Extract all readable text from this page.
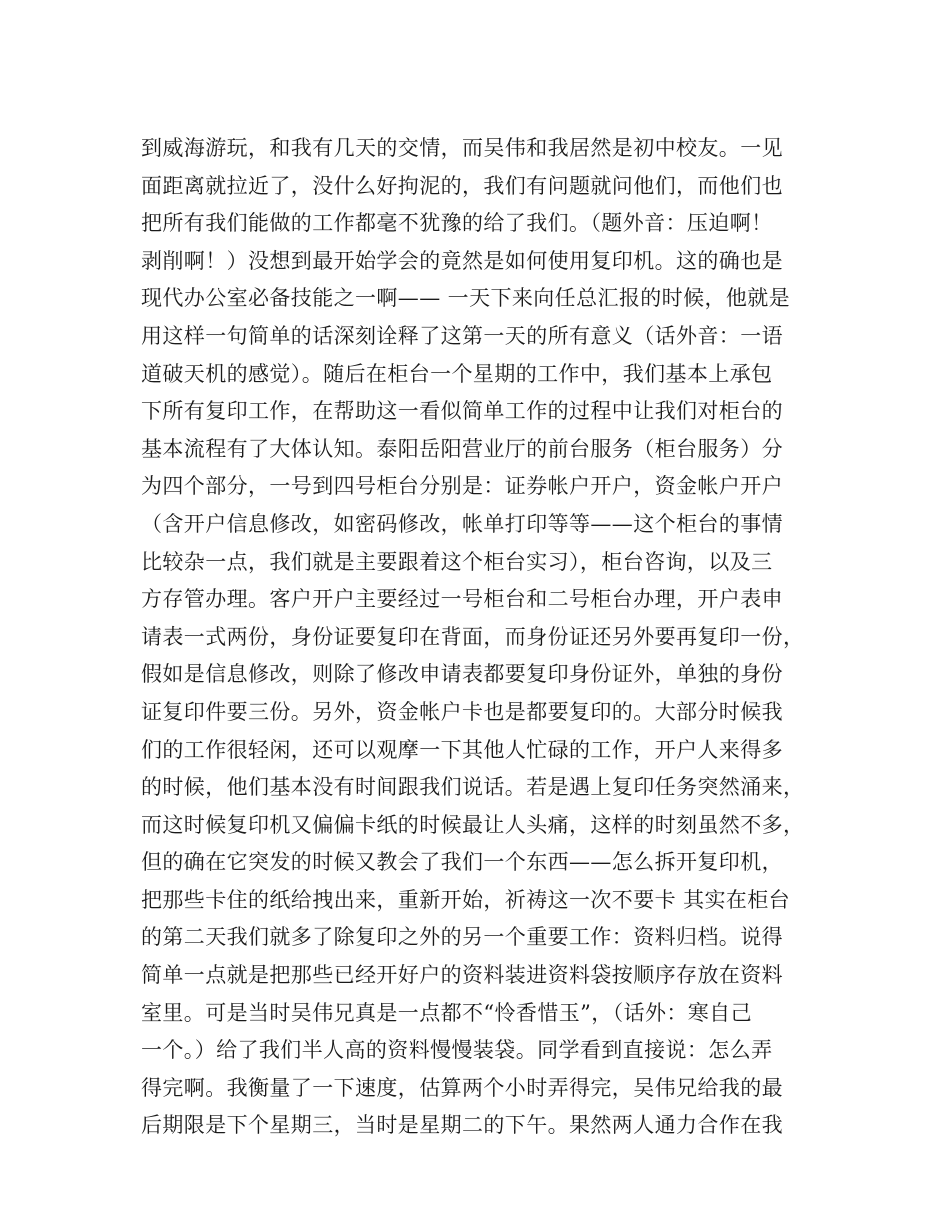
到威海游玩，和我有几天的交情，而吴伟和我居然是初中校友。一见
面距离就拉近了，没什么好拘泥的，我们有问题就问他们，而他们也
把所有我们能做的工作都毫不犹豫的给了我们。（题外音：压迫啊！
剥削啊！）没想到最开始学会的竟然是如何使用复印机。这的确也是
现代办公室必备技能之一啊—— 一天下来向任总汇报的时候，他就是
用这样一句简单的话深刻诠释了这第一天的所有意义（话外音：一语
道破天机的感觉）。随后在柜台一个星期的工作中，我们基本上承包
下所有复印工作，在帮助这一看似简单工作的过程中让我们对柜台的
基本流程有了大体认知。泰阳岳阳营业厅的前台服务（柜台服务）分
为四个部分，一号到四号柜台分别是：证券帐户开户，资金帐户开户
（含开户信息修改，如密码修改，帐单打印等等——这个柜台的事情
比较杂一点，我们就是主要跟着这个柜台实习），柜台咨询，以及三
方存管办理。客户开户主要经过一号柜台和二号柜台办理，开户表申
请表一式两份，身份证要复印在背面，而身份证还另外要再复印一份，
假如是信息修改，则除了修改申请表都要复印身份证外，单独的身份
证复印件要三份。另外，资金帐户卡也是都要复印的。大部分时候我
们的工作很轻闲，还可以观摩一下其他人忙碌的工作，开户人来得多
的时候，他们基本没有时间跟我们说话。若是遇上复印任务突然涌来，
而这时候复印机又偏偏卡纸的时候最让人头痛，这样的时刻虽然不多，
但的确在它突发的时候又教会了我们一个东西——怎么拆开复印机，
把那些卡住的纸给拽出来，重新开始，祈祷这一次不要卡 其实在柜台
的第二天我们就多了除复印之外的另一个重要工作：资料归档。说得
简单一点就是把那些已经开好户的资料装进资料袋按顺序存放在资料
室里。可是当时吴伟兄真是一点都不“怜香惜玉”，（话外：寒自己
一个。）给了我们半人高的资料慢慢装袋。同学看到直接说：怎么弄
得完啊。我衡量了一下速度，估算两个小时弄得完，吴伟兄给我的最
后期限是下个星期三，当时是星期二的下午。果然两人通力合作在我
